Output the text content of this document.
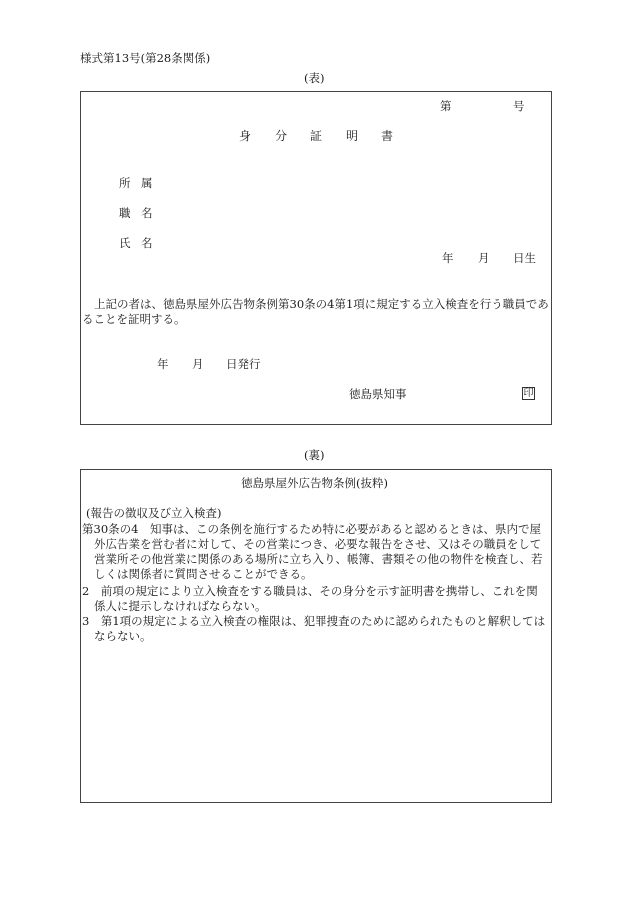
様式第13号(第28条関係)
(表)
第	号
身 分 証 明 書
所 属
職 名
氏 名
年 月 日生
上記の者は、徳島県屋外広告物条例第30条の4第1項に規定する立入検査を行う職員であ
ることを証明する。
年 月 日発行
徳島県知事	印
(裏)
徳島県屋外広告物条例(抜粋)
(報告の徴収及び立入検査)
第30条の4　知事は、この条例を施行するため特に必要があると認めるときは、県内で屋
外広告業を営む者に対して、その営業につき、必要な報告をさせ、又はその職員をして
営業所その他営業に関係のある場所に立ち入り、帳簿、書類その他の物件を検査し、若
しくは関係者に質問させることができる。
2　前項の規定により立入検査をする職員は、その身分を示す証明書を携帯し、これを関
係人に提示しなければならない。
3　第1項の規定による立入検査の権限は、犯罪捜査のために認められたものと解釈しては
ならない。
